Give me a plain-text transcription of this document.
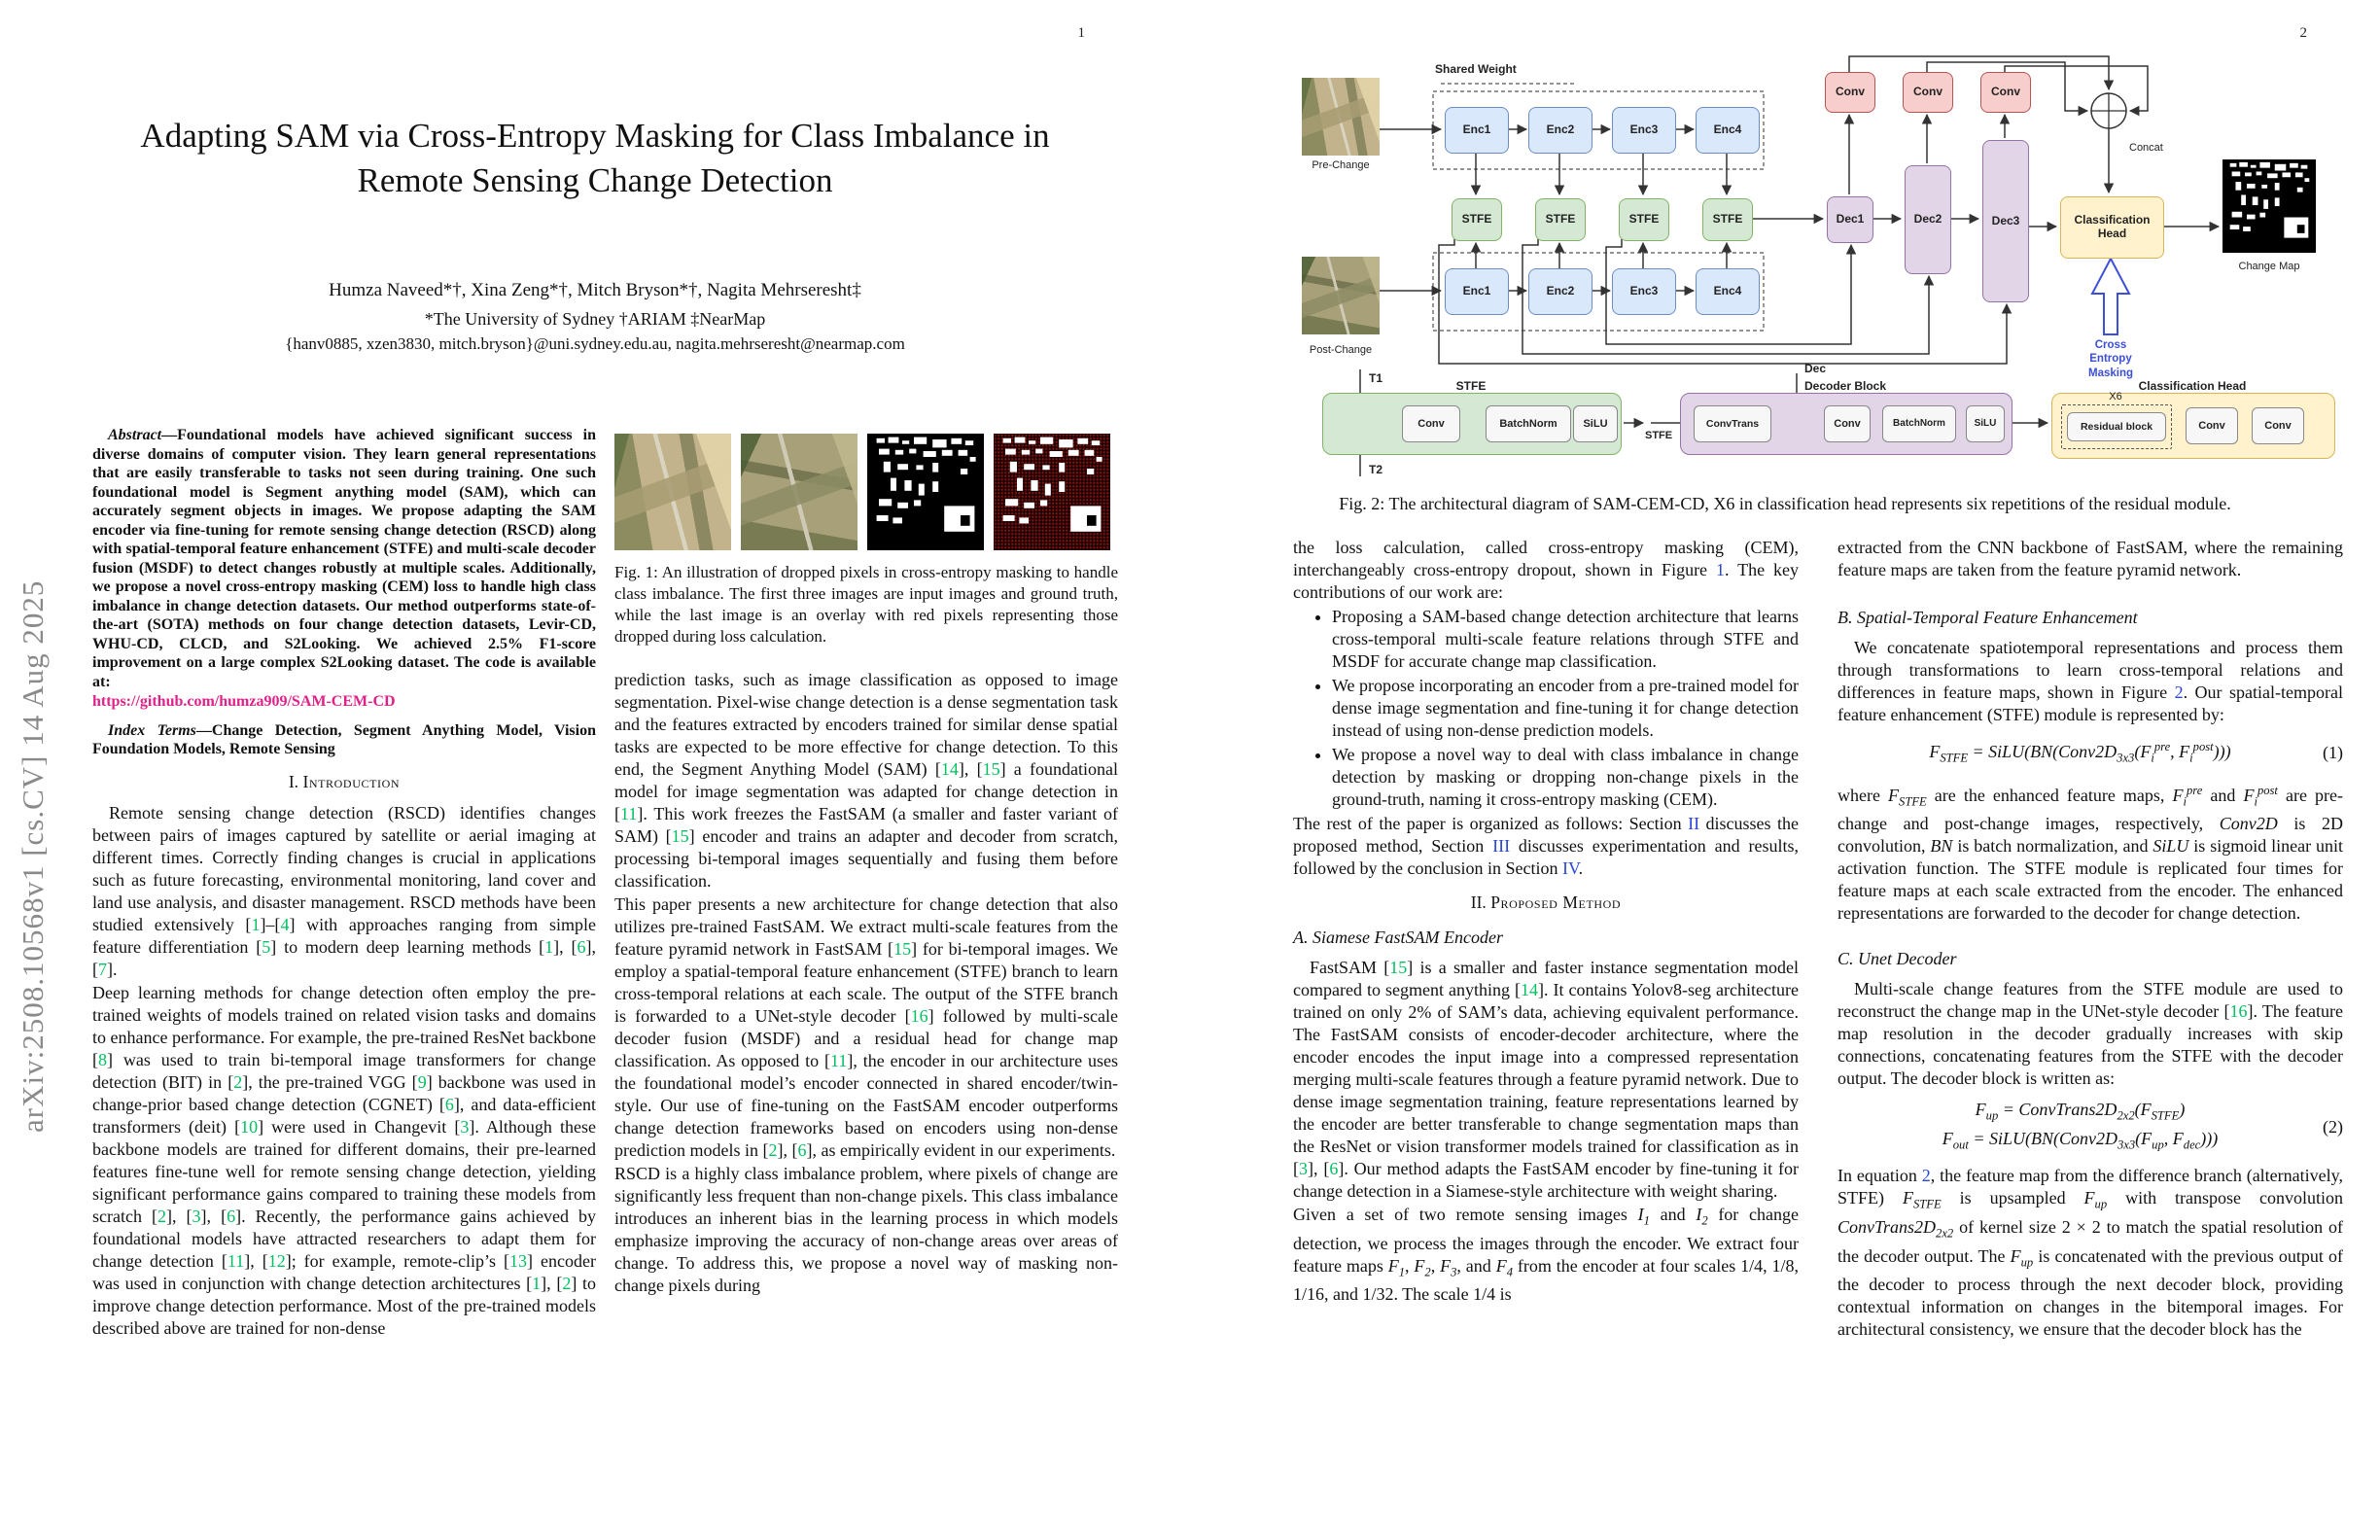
1
arXiv:2508.10568v1 [cs.CV] 14 Aug 2025
Adapting SAM via Cross-Entropy Masking for Class Imbalance in Remote Sensing Change Detection
Humza Naveed*†, Xina Zeng*†, Mitch Bryson*†, Nagita Mehrseresht‡
*The University of Sydney †ARIAM ‡NearMap
{hanv0885, xzen3830, mitch.bryson}@uni.sydney.edu.au, nagita.mehrseresht@nearmap.com

Abstract—Foundational models have achieved significant success in diverse domains of computer vision. They learn general representations that are easily transferable to tasks not seen during training. One such foundational model is Segment anything model (SAM), which can accurately segment objects in images. We propose adapting the SAM encoder via fine-tuning for remote sensing change detection (RSCD) along with spatial-temporal feature enhancement (STFE) and multi-scale decoder fusion (MSDF) to detect changes robustly at multiple scales. Additionally, we propose a novel cross-entropy masking (CEM) loss to handle high class imbalance in change detection datasets. Our method outperforms state-of-the-art (SOTA) methods on four change detection datasets, Levir-CD, WHU-CD, CLCD, and S2Looking. We achieved 2.5% F1-score improvement on a large complex S2Looking dataset. The code is available at:

https://github.com/humza909/SAM-CEM-CD

Index Terms—Change Detection, Segment Anything Model, Vision Foundation Models, Remote Sensing

I. Introduction

Remote sensing change detection (RSCD) identifies changes between pairs of images captured by satellite or aerial imaging at different times. Correctly finding changes is crucial in applications such as future forecasting, environmental monitoring, land cover and land use analysis, and disaster management. RSCD methods have been studied extensively [1]–[4] with approaches ranging from simple feature differentiation [5] to modern deep learning methods [1], [6], [7].

Deep learning methods for change detection often employ the pre-trained weights of models trained on related vision tasks and domains to enhance performance. For example, the pre-trained ResNet backbone [8] was used to train bi-temporal image transformers for change detection (BIT) in [2], the pre-trained VGG [9] backbone was used in change-prior based change detection (CGNET) [6], and data-efficient transformers (deit) [10] were used in Changevit [3]. Although these backbone models are trained for different domains, their pre-learned features fine-tune well for remote sensing change detection, yielding significant performance gains compared to training these models from scratch [2], [3], [6]. Recently, the performance gains achieved by foundational models have attracted researchers to adapt them for change detection [11], [12]; for example, remote-clip’s [13] encoder was used in conjunction with change detection architectures [1], [2] to improve change detection performance. Most of the pre-trained models described above are trained for non-dense

Fig. 1: An illustration of dropped pixels in cross-entropy masking to handle class imbalance. The first three images are input images and ground truth, while the last image is an overlay with red pixels representing those dropped during loss calculation.

prediction tasks, such as image classification as opposed to image segmentation. Pixel-wise change detection is a dense segmentation task and the features extracted by encoders trained for similar dense spatial tasks are expected to be more effective for change detection. To this end, the Segment Anything Model (SAM) [14], [15] a foundational model for image segmentation was adapted for change detection in [11]. This work freezes the FastSAM (a smaller and faster variant of SAM) [15] encoder and trains an adapter and decoder from scratch, processing bi-temporal images sequentially and fusing them before classification.

This paper presents a new architecture for change detection that also utilizes pre-trained FastSAM. We extract multi-scale features from the feature pyramid network in FastSAM [15] for bi-temporal images. We employ a spatial-temporal feature enhancement (STFE) branch to learn cross-temporal relations at each scale. The output of the STFE branch is forwarded to a UNet-style decoder [16] followed by multi-scale decoder fusion (MSDF) and a residual head for change map classification. As opposed to [11], the encoder in our architecture uses the foundational model’s encoder connected in shared encoder/twin-style. Our use of fine-tuning on the FastSAM encoder outperforms change detection frameworks based on encoders using non-dense prediction models in [2], [6], as empirically evident in our experiments.

RSCD is a highly class imbalance problem, where pixels of change are significantly less frequent than non-change pixels. This class imbalance introduces an inherent bias in the learning process in which models emphasize improving the accuracy of non-change areas over areas of change. To address this, we propose a novel way of masking non-change pixels during

2
Pre-Change
Post-Change
Shared Weight
Enc1	Enc2	Enc3	Enc4
STFE	STFE	STFE	STFE
Enc1	Enc2	Enc3	Enc4
Conv	Conv	Conv
Dec1	Dec2	Dec3
Concat
Classification Head
Change Map
Cross Entropy Masking
STFE
T1
T2
Conv	BatchNorm	SiLU
Decoder Block
STFE
Dec
ConvTrans	Conv	BatchNorm	SiLU
Classification Head
X6
Residual block	Conv	Conv
Fig. 2: The architectural diagram of SAM-CEM-CD, X6 in classification head represents six repetitions of the residual module.

the loss calculation, called cross-entropy masking (CEM), interchangeably cross-entropy dropout, shown in Figure 1. The key contributions of our work are:

• Proposing a SAM-based change detection architecture that learns cross-temporal multi-scale feature relations through STFE and MSDF for accurate change map classification.
• We propose incorporating an encoder from a pre-trained model for dense image segmentation and fine-tuning it for change detection instead of using non-dense prediction models.
• We propose a novel way to deal with class imbalance in change detection by masking or dropping non-change pixels in the ground-truth, naming it cross-entropy masking (CEM).

The rest of the paper is organized as follows: Section II discusses the proposed method, Section III discusses experimentation and results, followed by the conclusion in Section IV.

II. Proposed Method
A. Siamese FastSAM Encoder

FastSAM [15] is a smaller and faster instance segmentation model compared to segment anything [14]. It contains Yolov8-seg architecture trained on only 2% of SAM’s data, achieving equivalent performance. The FastSAM consists of encoder-decoder architecture, where the encoder encodes the input image into a compressed representation merging multi-scale features through a feature pyramid network. Due to dense image segmentation training, feature representations learned by the encoder are better transferable to change segmentation maps than the ResNet or vision transformer models trained for classification as in [3], [6]. Our method adapts the FastSAM encoder by fine-tuning it for change detection in a Siamese-style architecture with weight sharing.

Given a set of two remote sensing images $I_1$ and $I_2$ for change detection, we process the images through the encoder. We extract four feature maps $F_1$, $F_2$, $F_3$, and $F_4$ from the encoder at four scales 1/4, 1/8, 1/16, and 1/32. The scale 1/4 is

extracted from the CNN backbone of FastSAM, where the remaining feature maps are taken from the feature pyramid network.

B. Spatial-Temporal Feature Enhancement

We concatenate spatiotemporal representations and process them through transformations to learn cross-temporal relations and differences in feature maps, shown in Figure 2. Our spatial-temporal feature enhancement (STFE) module is represented by:

$F_{STFE}$ = $SiLU(BN(Conv2D_{3x3}(F_i^{pre}$, $F_i^{post}$)))	(1)

where $F_{STFE}$ are the enhanced feature maps, $F_i^{pre}$ and $F_i^{post}$ are pre-change and post-change images, respectively, Conv2D is 2D convolution, BN is batch normalization, and SiLU is sigmoid linear unit activation function. The STFE module is replicated four times for feature maps at each scale extracted from the encoder. The enhanced representations are forwarded to the decoder for change detection.

C. Unet Decoder

Multi-scale change features from the STFE module are used to reconstruct the change map in the UNet-style decoder [16]. The feature map resolution in the decoder gradually increases with skip connections, concatenating features from the STFE with the decoder output. The decoder block is written as:

$F_{up}$ = $ConvTrans2D_{2x2}(F_{STFE})$
$F_{out}$ = $SiLU(BN(Conv2D_{3x3}(F_{up}$, $F_{dec}$)))
(2)

In equation 2, the feature map from the difference branch (alternatively, STFE) $F_{STFE}$ is upsampled $F_{up}$ with transpose convolution $ConvTrans2D_{2x2}$ of kernel size 2 × 2 to match the spatial resolution of the decoder output. The $F_{up}$ is concatenated with the previous output of the decoder to process through the next decoder block, providing contextual information on changes in the bitemporal images. For architectural consistency, we ensure that the decoder block has the
